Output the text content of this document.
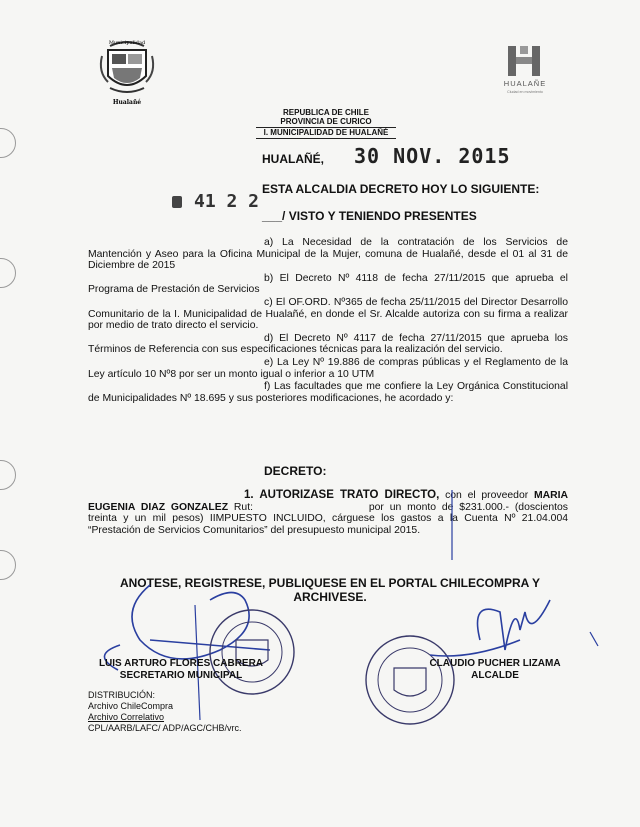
Municipalidad
Hualañé
HUALAÑE
Ciudad en movimiento
REPUBLICA DE CHILE
PROVINCIA DE CURICO
I. MUNICIPALIDAD DE HUALAÑÉ
HUALAÑÉ, 30 NOV. 2015
ESTA ALCALDIA DECRETO HOY LO SIGUIENTE:
41 2 2
___/ VISTO Y TENIENDO PRESENTES

a) La Necesidad de la contratación de los Servicios de Mantención y Aseo para la Oficina Municipal de la Mujer, comuna de Hualañé, desde el 01 al 31 de Diciembre de 2015

b) El Decreto Nº 4118 de fecha 27/11/2015 que aprueba el Programa de Prestación de Servicios

c) El OF.ORD. Nº365 de fecha 25/11/2015 del Director Desarrollo Comunitario de la I. Municipalidad de Hualañé, en donde el Sr. Alcalde autoriza con su firma a realizar por medio de trato directo el servicio.

d) El Decreto Nº 4117 de fecha 27/11/2015 que aprueba los Términos de Referencia con sus especificaciones técnicas para la realización del servicio.

e) La Ley Nº 19.886 de compras públicas y el Reglamento de la Ley artículo 10 Nº8 por ser un monto igual o inferior a 10 UTM

f) Las facultades que me confiere la Ley Orgánica Constitucional de Municipalidades Nº 18.695 y sus posteriores modificaciones, he acordado y:

DECRETO:

1. AUTORIZASE TRATO DIRECTO, con el proveedor MARIA EUGENIA DIAZ GONZALEZ Rut:	por un monto de $231.000.- (doscientos treinta y un mil pesos) IIMPUESTO INCLUIDO, cárguese los gastos a la Cuenta Nº 21.04.004 “Prestación de Servicios Comunitarios” del presupuesto municipal 2015.

ANOTESE, REGISTRESE, PUBLIQUESE EN EL PORTAL CHILECOMPRA Y ARCHIVESE.
LUIS ARTURO FLORES CABRERA
SECRETARIO MUNICIPAL
CLAUDIO PUCHER LIZAMA
ALCALDE
DISTRIBUCIÓN:
Archivo ChileCompra
Archivo Correlativo
CPL/AARB/LAFC/ ADP/AGC/CHB/vrc.
